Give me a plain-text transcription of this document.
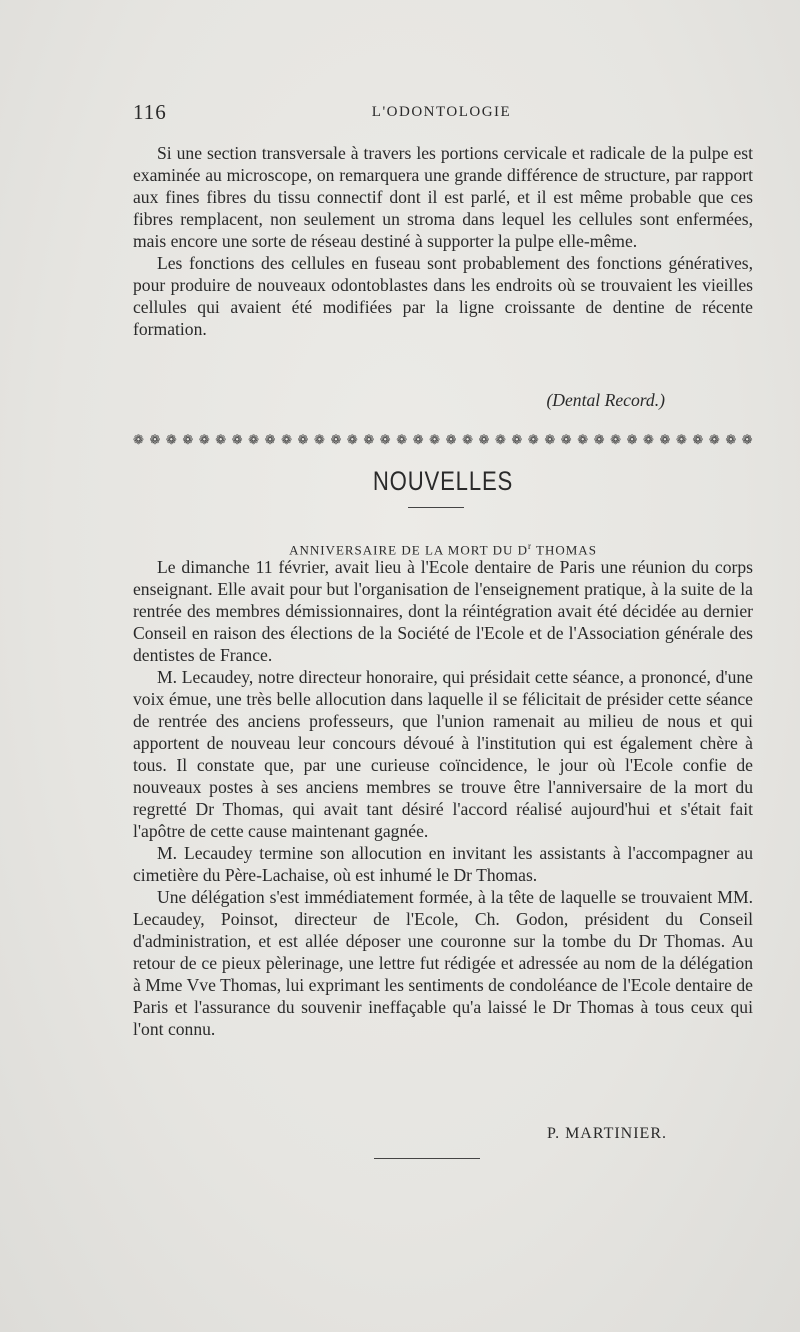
116	L'ODONTOLOGIE

Si une section transversale à travers les portions cervicale et radicale de la pulpe est examinée au microscope, on remarquera une grande différence de structure, par rapport aux fines fibres du tissu connectif dont il est parlé, et il est même probable que ces fibres remplacent, non seulement un stroma dans lequel les cellules sont enfermées, mais encore une sorte de réseau destiné à supporter la pulpe elle-même.

Les fonctions des cellules en fuseau sont probablement des fonctions génératives, pour produire de nouveaux odontoblastes dans les endroits où se trouvaient les vieilles cellules qui avaient été modifiées par la ligne croissante de dentine de récente formation.

(Dental Record.)
❁ ❁ ❁ ❁ ❁ ❁ ❁ ❁ ❁ ❁ ❁ ❁ ❁ ❁ ❁ ❁ ❁ ❁ ❁ ❁ ❁ ❁ ❁ ❁ ❁ ❁ ❁ ❁ ❁ ❁ ❁ ❁ ❁ ❁ ❁ ❁ ❁ ❁
NOUVELLES
ANNIVERSAIRE DE LA MORT DU $D^r$ THOMAS

Le dimanche 11 février, avait lieu à l'Ecole dentaire de Paris une réunion du corps enseignant. Elle avait pour but l'organisation de l'enseignement pratique, à la suite de la rentrée des membres démissionnaires, dont la réintégration avait été décidée au dernier Conseil en raison des élections de la Société de l'Ecole et de l'Association générale des dentistes de France.

M. Lecaudey, notre directeur honoraire, qui présidait cette séance, a prononcé, d'une voix émue, une très belle allocution dans laquelle il se félicitait de présider cette séance de rentrée des anciens professeurs, que l'union ramenait au milieu de nous et qui apportent de nouveau leur concours dévoué à l'institution qui est également chère à tous. Il constate que, par une curieuse coïncidence, le jour où l'Ecole confie de nouveaux postes à ses anciens membres se trouve être l'anniversaire de la mort du regretté Dr Thomas, qui avait tant désiré l'accord réalisé aujourd'hui et s'était fait l'apôtre de cette cause maintenant gagnée.

M. Lecaudey termine son allocution en invitant les assistants à l'accompagner au cimetière du Père-Lachaise, où est inhumé le Dr Thomas.

Une délégation s'est immédiatement formée, à la tête de laquelle se trouvaient MM. Lecaudey, Poinsot, directeur de l'Ecole, Ch. Godon, président du Conseil d'administration, et est allée déposer une couronne sur la tombe du Dr Thomas. Au retour de ce pieux pèlerinage, une lettre fut rédigée et adressée au nom de la délégation à Mme Vve Thomas, lui exprimant les sentiments de condoléance de l'Ecole dentaire de Paris et l'assurance du souvenir ineffaçable qu'a laissé le Dr Thomas à tous ceux qui l'ont connu.

P. MARTINIER.
